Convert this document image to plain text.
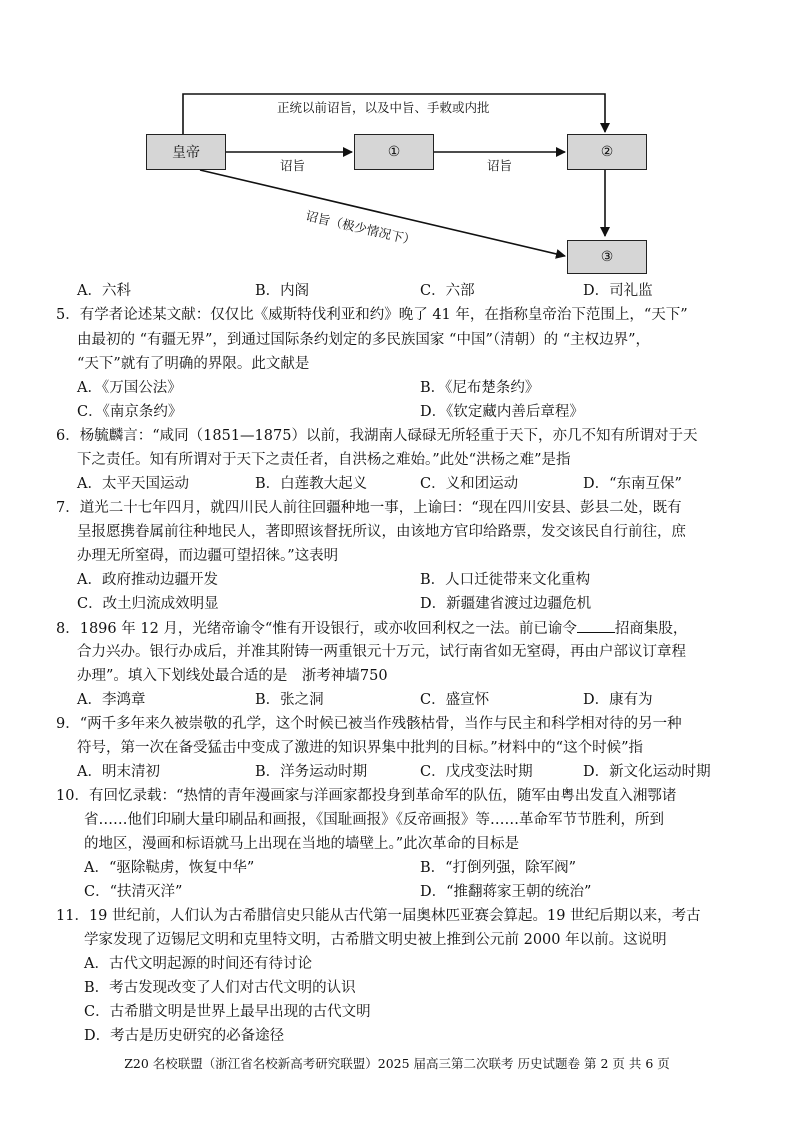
皇帝	①	②
③
正统以前诏旨，以及中旨、手敕或内批
诏旨	诏旨
诏旨（极少情况下）
A．六科	B．内阁	C．六部	D．司礼监
5．有学者论述某文献：仅仅比《威斯特伐利亚和约》晚了 41 年，在指称皇帝治下范围上，“天下”
由最初的 “有疆无界”，到通过国际条约划定的多民族国家 “中国”（清朝）的 “主权边界”，
“天下”就有了明确的界限。此文献是
A．《万国公法》	B．《尼布楚条约》
C．《南京条约》	D．《钦定藏内善后章程》
6．杨毓麟言：“咸同（1851—1875）以前，我湖南人碌碌无所轻重于天下，亦几不知有所谓对于天
下之责任。知有所谓对于天下之责任者，自洪杨之难始。”此处“洪杨之难”是指
A．太平天国运动	B．白莲教大起义	C．义和团运动	D．“东南互保”
7．道光二十七年四月，就四川民人前往回疆种地一事，上谕曰：“现在四川安县、彭县二处，既有
呈报愿携眷属前往种地民人，著即照该督抚所议，由该地方官印给路票，发交该民自行前往，庶
办理无所窒碍，而边疆可望招徕。”这表明
A．政府推动边疆开发	B．人口迁徙带来文化重构
C．改土归流成效明显	D．新疆建省渡过边疆危机
8．1896 年 12 月，光绪帝谕令“惟有开设银行，或亦收回利权之一法。前已谕令	招商集股，
合力兴办。银行办成后，并准其附铸一两重银元十万元，试行南省如无窒碍，再由户部议订章程
办理”。填入下划线处最合适的是　浙考神墙750
A．李鸿章	B．张之洞	C．盛宣怀	D．康有为
9．“两千多年来久被崇敬的孔学，这个时候已被当作残骸枯骨，当作与民主和科学相对待的另一种
符号，第一次在备受猛击中变成了激进的知识界集中批判的目标。”材料中的“这个时候”指
A．明末清初	B．洋务运动时期	C．戊戌变法时期	D．新文化运动时期
10．有回忆录载：“热情的青年漫画家与洋画家都投身到革命军的队伍，随军由粤出发直入湘鄂诸
省……他们印刷大量印刷品和画报，《国耻画报》《反帝画报》等……革命军节节胜利，所到
的地区，漫画和标语就马上出现在当地的墙壁上。”此次革命的目标是
A．“驱除鞑虏，恢复中华”	B．“打倒列强，除军阀”
C．“扶清灭洋”	D．“推翻蒋家王朝的统治”
11．19 世纪前，人们认为古希腊信史只能从古代第一届奥林匹亚赛会算起。19 世纪后期以来，考古
学家发现了迈锡尼文明和克里特文明，古希腊文明史被上推到公元前 2000 年以前。这说明
A．古代文明起源的时间还有待讨论
B．考古发现改变了人们对古代文明的认识
C．古希腊文明是世界上最早出现的古代文明
D．考古是历史研究的必备途径
Z20 名校联盟（浙江省名校新高考研究联盟）2025 届高三第二次联考 历史试题卷 第 2 页 共 6 页
